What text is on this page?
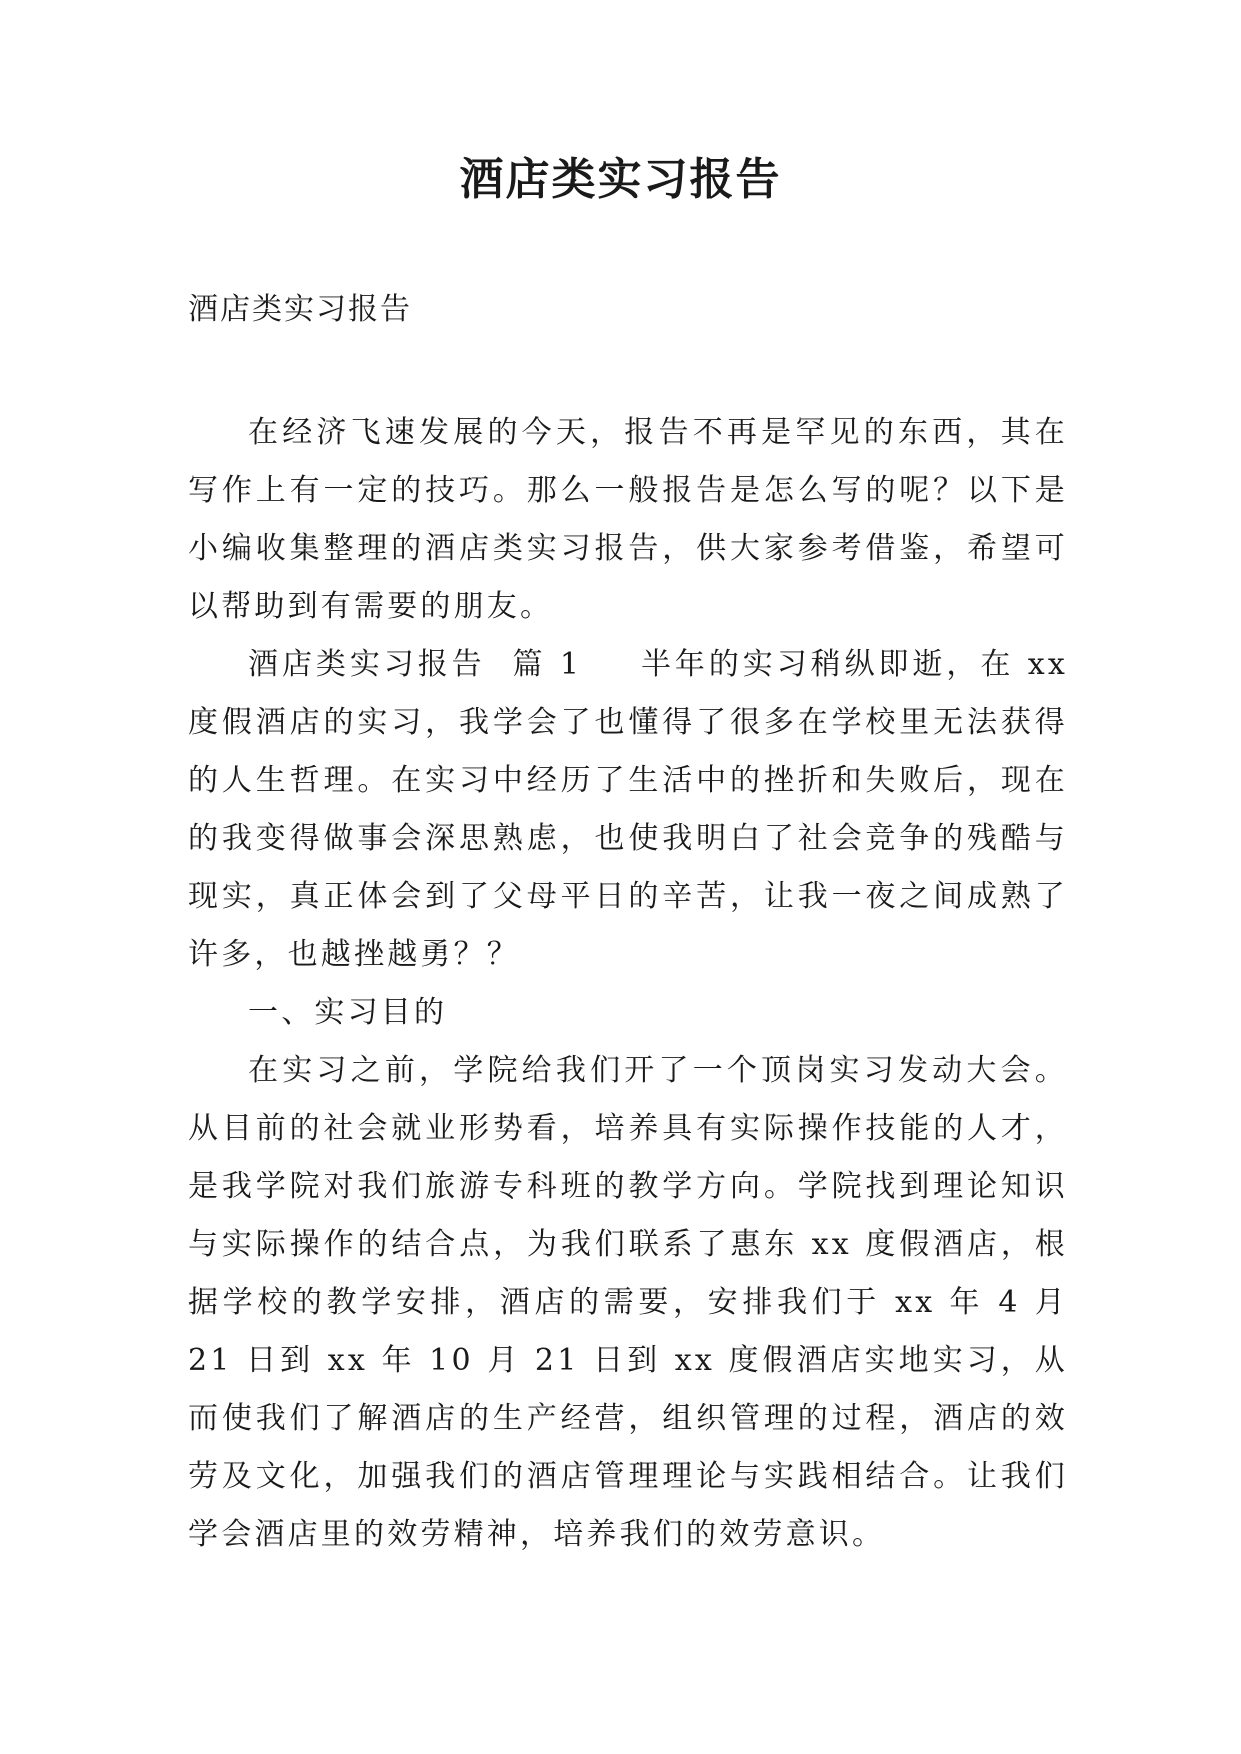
酒店类实习报告
酒店类实习报告

在经济飞速发展的今天，报告不再是罕见的东西，其在写作上有一定的技巧。那么一般报告是怎么写的呢？以下是小编收集整理的酒店类实习报告，供大家参考借鉴，希望可以帮助到有需要的朋友。

酒店类实习报告  篇 1 半年的实习稍纵即逝，在 xx 度假酒店的实习，我学会了也懂得了很多在学校里无法获得的人生哲理。在实习中经历了生活中的挫折和失败后，现在的我变得做事会深思熟虑，也使我明白了社会竞争的残酷与现实，真正体会到了父母平日的辛苦，让我一夜之间成熟了许多，也越挫越勇？？

一、实习目的

在实习之前，学院给我们开了一个顶岗实习发动大会。从目前的社会就业形势看，培养具有实际操作技能的人才，是我学院对我们旅游专科班的教学方向。学院找到理论知识与实际操作的结合点，为我们联系了惠东 xx 度假酒店，根据学校的教学安排，酒店的需要，安排我们于 xx 年 4 月 21 日到 xx 年 10 月 21 日到 xx 度假酒店实地实习，从而使我们了解酒店的生产经营，组织管理的过程，酒店的效劳及文化，加强我们的酒店管理理论与实践相结合。让我们学会酒店里的效劳精神，培养我们的效劳意识。
